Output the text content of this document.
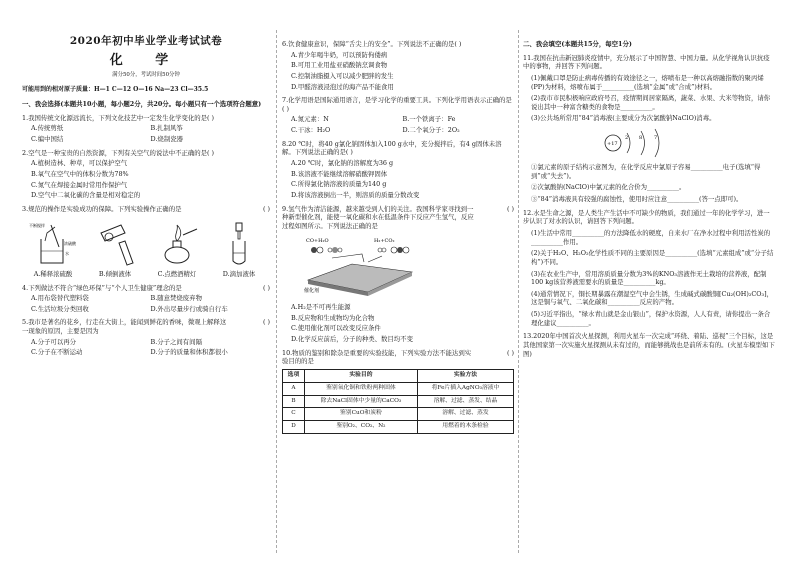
2020年初中毕业学业考试试卷
化 学
满分50分，考试时间50分钟
可能用到的相对原子质量：H—1 C—12 O—16 Na—23 Cl—35.5
一、我会选择(本题共10小题，每小题2分，共20分。每小题只有一个选项符合题意)
1.我国传统文化源远流长，下列文化技艺中一定发生化学变化的是( )
A.传统剪纸	B.扎制风筝
C.编中国结	D.烧制瓷器
2.空气是一种宝贵的自然资源，下列有关空气的说法中不正确的是( )
A.植树造林、种草，可以保护空气
B.氧气在空气中的体积分数为78%
C.氮气在焊接金属时常用作保护气
D.空气中二氧化碳的含量是相对稳定的
3.规范的操作是实验成功的保障。下列实验操作正确的是	( )
不断搅拌
浓硫酸
水
A.稀释浓硫酸	B.倾倒液体	C.点燃酒精灯	D.滴加液体
4.下列做法不符合“绿色环保”与“个人卫生健康”理念的是	( )
A.用布袋替代塑料袋	B.随意焚烧废弃物
C.生活垃圾分类回收	D.外出尽量步行或骑自行车
5.我市是著名的花乡，行走在大街上，能闻到鲜花的香味，微观上解释这一现象的原因，主要是因为
( )
A.分子可以再分	B.分子之间有间隔
C.分子在不断运动	D.分子的质量和体积都很小
6.饮食健康意识，保障“舌尖上的安全”。下列说法不正确的是( )
A.青少年喝牛奶，可以预防佝偻病
B.可用工业用盐亚硝酸钠烹调食物
C.控制油脂摄入可以减少肥胖的发生
D.甲醛溶液浸泡过的海产品不能食用
7.化学用语是国际通用语言，是学习化学的重要工具。下列化学用语表示正确的是( )
A.氮元素：N	B.一个铁离子：Fe
C.干冰：H₂O	D.二个氧分子：2O₂
8.20 ℃时，将40 g氯化钠固体加入100 g水中，充分搅拌后，有4 g固体未溶解。下列说法正确的是( )
A.20 ℃时，氯化钠的溶解度为36 g
B.该溶液不能继续溶解硝酸钾固体
C.所得氯化钠溶液的质量为140 g
D.将该溶液倒出一半，则溶质的质量分数改变
9.氢气作为清洁能源，越来越受到人们的关注。我国科学家寻找到一种新型催化剂，能使一氧化碳和水在低温条件下反应产生氢气，反应过程如图所示。下列说法正确的是
( )
CO+H₂O	H₂+CO₂
催化剂
A.H₂是不可再生能源
B.反应物和生成物均为化合物
C.使用催化剂可以改变反应条件
D.化学反应前后，分子的种类、数目均不变
10.物质的鉴别和除杂是重要的实验技能，下列实验方法不能达到实验目的的是
( )
选项	实验目的	实验方法
A	鉴别氧化铜和铁粉两种固体	将Fe片插入AgNO₃溶液中
B	除去NaCl固体中少量的CaCO₃	溶解、过滤、蒸发、结晶
C	鉴别CuO和炭粉	溶解、过滤、蒸发
D	鉴别O₂、CO₂、N₂	用燃着的木条检验
二、我会填空(本题共15分，每空1分)
11.我国在抗击新冠肺炎疫情中，充分展示了中国智慧、中国力量。从化学视角认识抗疫中的事物，并回答下列问题。
(1)佩戴口罩是防止病毒传播的有效途径之一，熔喷布是一种以高熔融指数的聚丙烯(PP)为材料，熔喷布属于__________(选填“金属”或“合成”)材料。
(2)我市市民积极响应政府号召，疫情期间居家隔离，蔬菜、水果、大米等物资，请你说出其中一种富含糖类的食物是__________。
(3)公共场所常用“84”消毒液(主要成分为次氯酸钠NaClO)消毒。
+17
2 8 7
①氯元素的原子结构示意图为，在化学反应中氯原子容易__________电子(选填“得到”或“失去”)。
②次氯酸钠(NaClO)中氯元素的化合价为__________。
③“84”消毒液具有较强的腐蚀性，使用时应注意__________(答一点即可)。
12.水是生命之源，是人类生产生活中不可缺少的物质，我们通过一年的化学学习，进一步认识了对水的认识，请回答下列问题。
(1)生活中常用__________的方法降低水的硬度，自来水厂在净水过程中利用活性炭的__________作用。
(2)关于H₂O、H₂O₂化学性质不同的主要原因是__________(选填“元素组成”或“分子结构”)不同。
(3)在农业生产中，常用溶质质量分数为3%的KNO₃溶液作无土栽培的营养液，配制100 kg该营养液需要水的质量是__________kg。
(4)通常情况下，铜长期暴露在潮湿空气中会生锈，生成碱式碳酸铜[Cu₂(OH)₂CO₃]，这是铜与氧气、二氧化碳和__________反应的产物。
(5)习近平指出，“绿水青山就是金山银山”，保护水资源，人人有责，请你提出一条合理化建议__________。
13.2020年中国首次火星探测，利用火星车一次完成“环绕、着陆、巡视”三个目标，这是其他国家第一次实施火星探测从未有过的，而能够挑战也是前所未有的。(火星车模型如下图)
